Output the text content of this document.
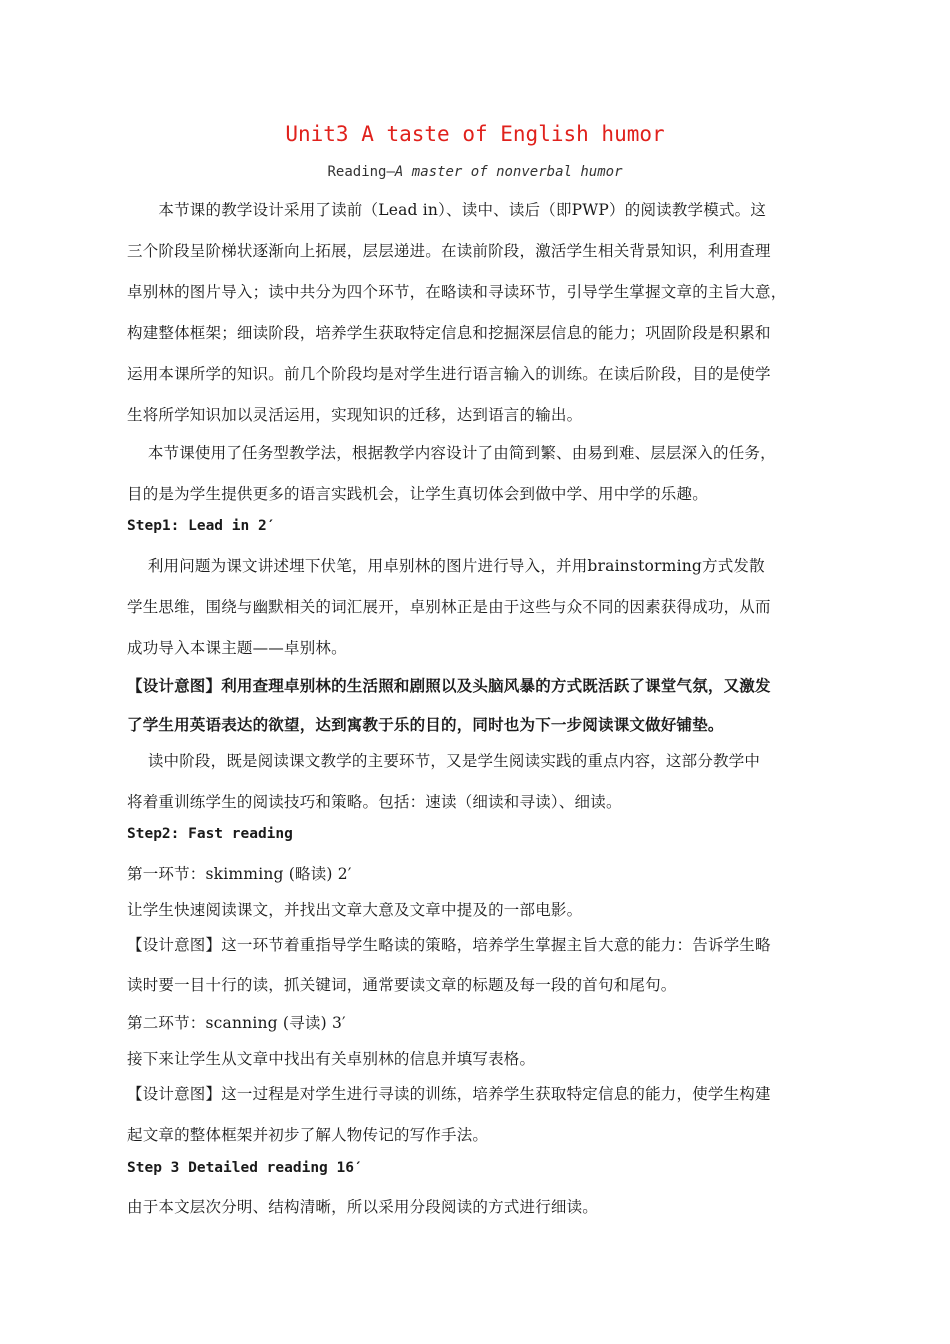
Unit3 A taste of English humor
Reading—A master of nonverbal humor
　　本节课的教学设计采用了读前（Lead in）、读中、读后（即PWP）的阅读教学模式。这
三个阶段呈阶梯状逐渐向上拓展，层层递进。在读前阶段，激活学生相关背景知识，利用查理
卓别林的图片导入；读中共分为四个环节，在略读和寻读环节，引导学生掌握文章的主旨大意，
构建整体框架；细读阶段，培养学生获取特定信息和挖掘深层信息的能力；巩固阶段是积累和
运用本课所学的知识。前几个阶段均是对学生进行语言输入的训练。在读后阶段，目的是使学
生将所学知识加以灵活运用，实现知识的迁移，达到语言的输出。
　 本节课使用了任务型教学法，根据教学内容设计了由简到繁、由易到难、层层深入的任务，
目的是为学生提供更多的语言实践机会，让学生真切体会到做中学、用中学的乐趣。
Step1: Lead in 2′
　 利用问题为课文讲述埋下伏笔，用卓别林的图片进行导入，并用brainstorming方式发散
学生思维，围绕与幽默相关的词汇展开，卓别林正是由于这些与众不同的因素获得成功，从而
成功导入本课主题——卓别林。
【设计意图】利用查理卓别林的生活照和剧照以及头脑风暴的方式既活跃了课堂气氛，又激发
了学生用英语表达的欲望，达到寓教于乐的目的，同时也为下一步阅读课文做好铺垫。
　 读中阶段，既是阅读课文教学的主要环节，又是学生阅读实践的重点内容，这部分教学中
将着重训练学生的阅读技巧和策略。包括：速读（细读和寻读）、细读。
Step2: Fast reading
第一环节：skimming (略读) 2′
让学生快速阅读课文，并找出文章大意及文章中提及的一部电影。
【设计意图】这一环节着重指导学生略读的策略，培养学生掌握主旨大意的能力：告诉学生略
读时要一目十行的读，抓关键词，通常要读文章的标题及每一段的首句和尾句。
第二环节：scanning (寻读) 3′
接下来让学生从文章中找出有关卓别林的信息并填写表格。
【设计意图】这一过程是对学生进行寻读的训练，培养学生获取特定信息的能力，使学生构建
起文章的整体框架并初步了解人物传记的写作手法。
Step 3 Detailed reading 16′
由于本文层次分明、结构清晰，所以采用分段阅读的方式进行细读。
